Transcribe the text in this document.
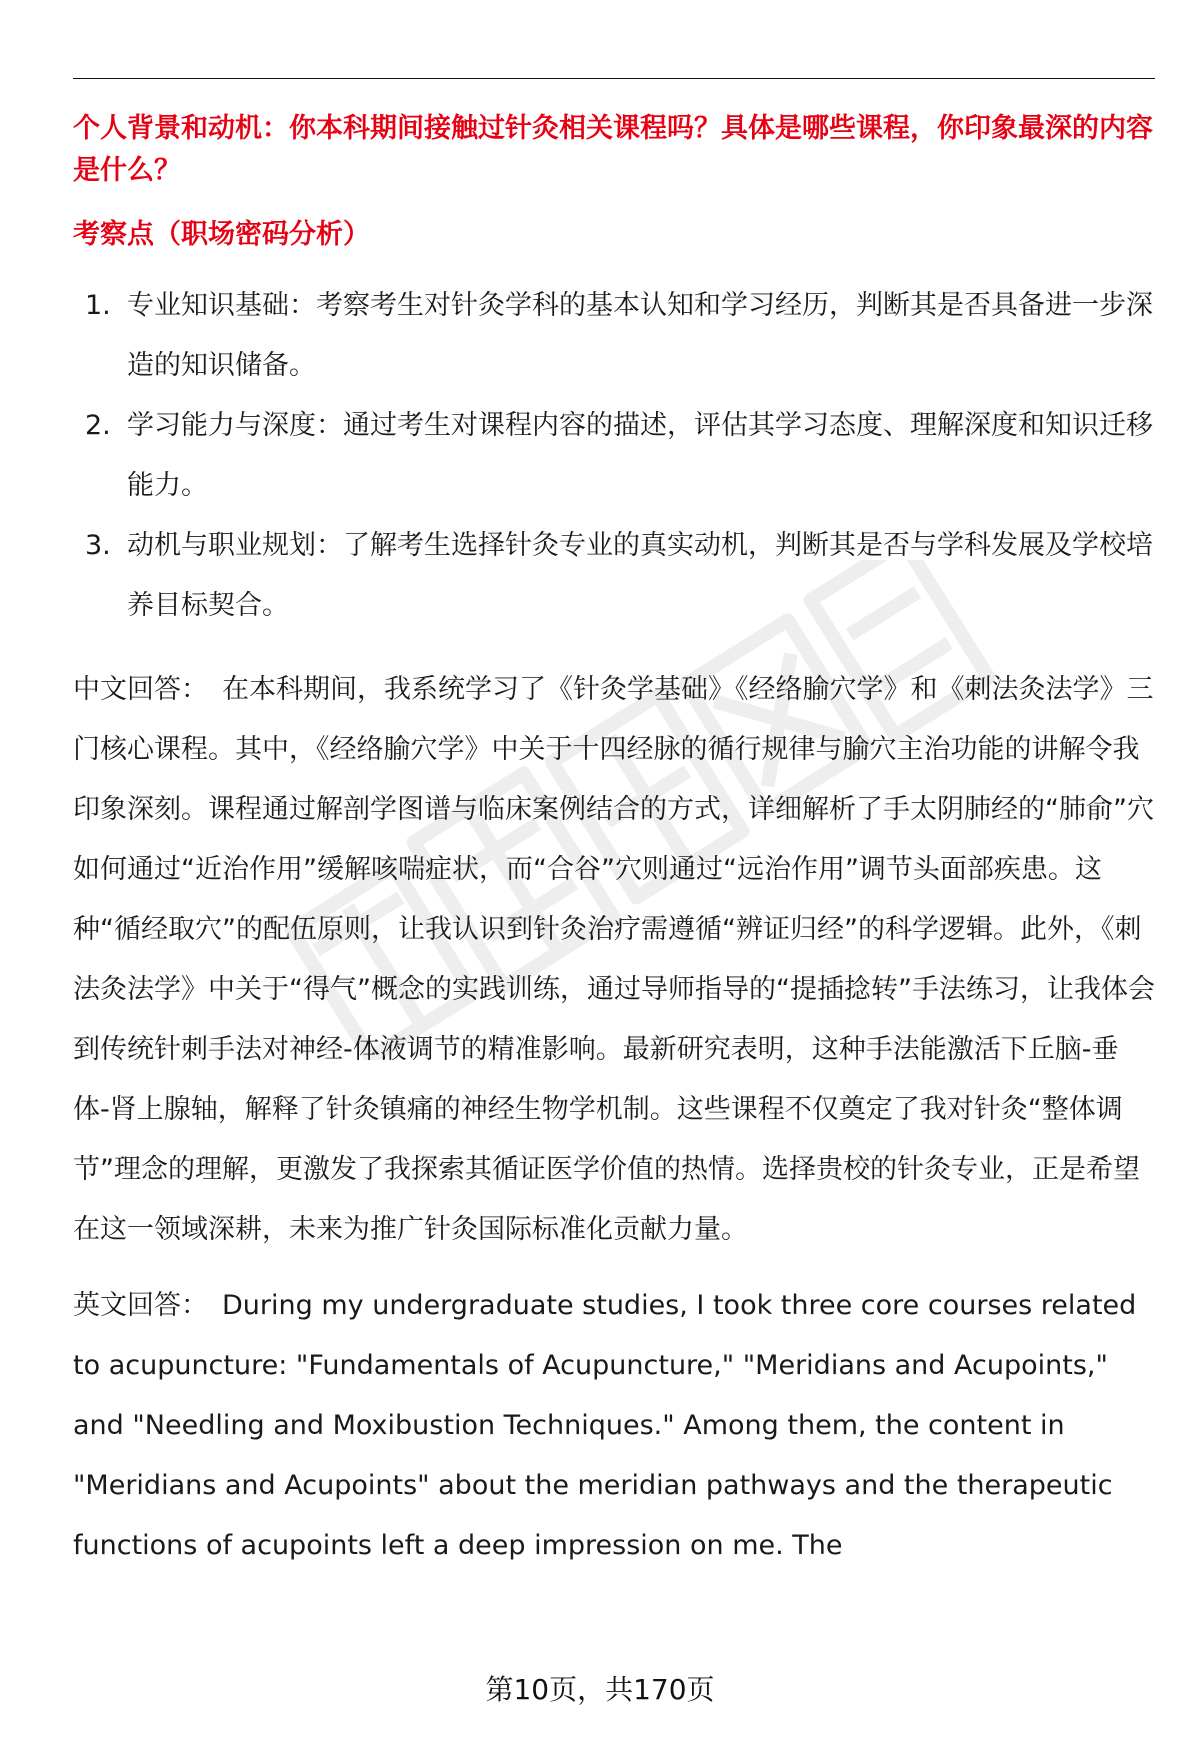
个人背景和动机：你本科期间接触过针灸相关课程吗？具体是哪些课程，你印象最深的内容是什么？

考察点（职场密码分析）

1. 专业知识基础：考察考生对针灸学科的基本认知和学习经历，判断其是否具备进一步深造的知识储备。
2. 学习能力与深度：通过考生对课程内容的描述，评估其学习态度、理解深度和知识迁移能力。
3. 动机与职业规划：了解考生选择针灸专业的真实动机，判断其是否与学科发展及学校培养目标契合。

中文回答： 在本科期间，我系统学习了《针灸学基础》《经络腧穴学》和《刺法灸法学》三门核心课程。其中，《经络腧穴学》中关于十四经脉的循行规律与腧穴主治功能的讲解令我印象深刻。课程通过解剖学图谱与临床案例结合的方式，详细解析了手太阴肺经的“肺俞”穴如何通过“近治作用”缓解咳喘症状，而“合谷”穴则通过“远治作用”调节头面部疾患。这种“循经取穴”的配伍原则，让我认识到针灸治疗需遵循“辨证归经”的科学逻辑。此外，《刺法灸法学》中关于“得气”概念的实践训练，通过导师指导的“提插捻转”手法练习，让我体会到传统针刺手法对神经-体液调节的精准影响。最新研究表明，这种手法能激活下丘脑-垂体-肾上腺轴，解释了针灸镇痛的神经生物学机制。这些课程不仅奠定了我对针灸“整体调节”理念的理解，更激发了我探索其循证医学价值的热情。选择贵校的针灸专业，正是希望在这一领域深耕，未来为推广针灸国际标准化贡献力量。

英文回答： During my undergraduate studies, I took three core courses related to acupuncture: "Fundamentals of Acupuncture," "Meridians and Acupoints," and "Needling and Moxibustion Techniques." Among them, the content in "Meridians and Acupoints" about the meridian pathways and the therapeutic functions of acupoints left a deep impression on me. The

第10页，共170页
